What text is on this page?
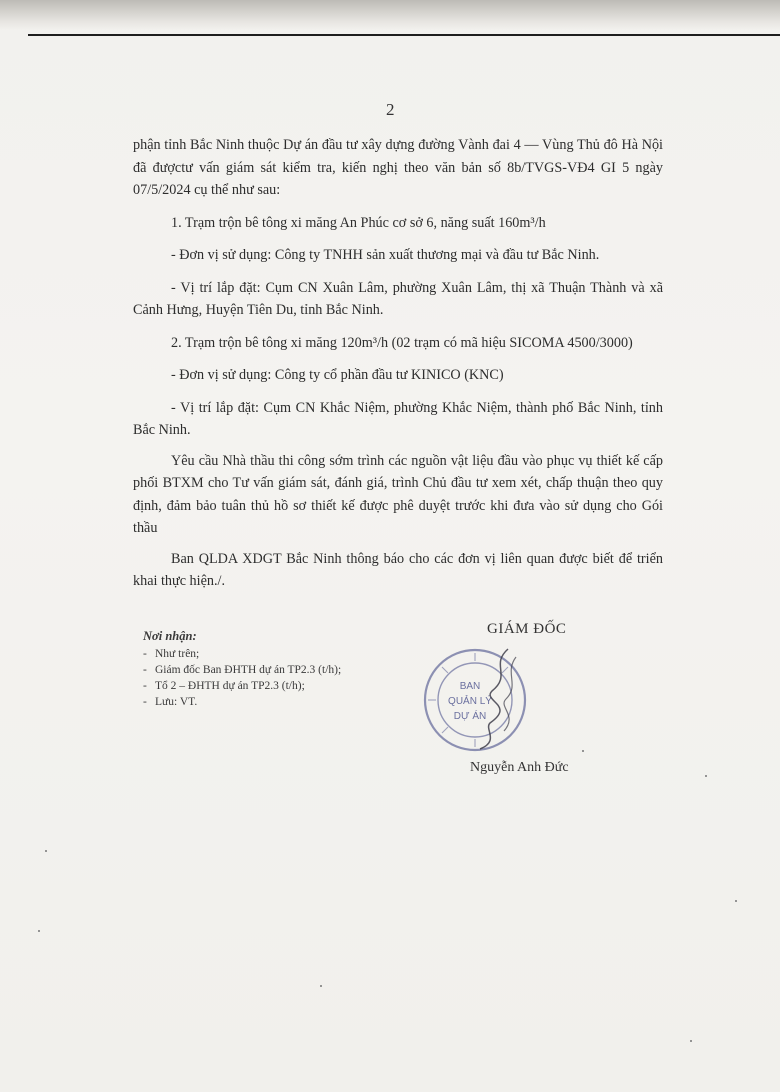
2

phận tỉnh Bắc Ninh thuộc Dự án đầu tư xây dựng đường Vành đai 4 — Vùng Thủ đô Hà Nội đã đượctư vấn giám sát kiểm tra, kiến nghị theo văn bản số 8b/TVGS-VĐ4 GI 5 ngày 07/5/2024 cụ thể như sau:

1. Trạm trộn bê tông xi măng An Phúc cơ sở 6, năng suất 160m³/h

- Đơn vị sử dụng: Công ty TNHH sản xuất thương mại và đầu tư Bắc Ninh.

- Vị trí lắp đặt: Cụm CN Xuân Lâm, phường Xuân Lâm, thị xã Thuận Thành và xã Cảnh Hưng, Huyện Tiên Du, tỉnh Bắc Ninh.

2. Trạm trộn bê tông xi măng 120m³/h (02 trạm có mã hiệu SICOMA 4500/3000)

- Đơn vị sử dụng: Công ty cổ phần đầu tư KINICO (KNC)

- Vị trí lắp đặt: Cụm CN Khắc Niệm, phường Khắc Niệm, thành phố Bắc Ninh, tỉnh Bắc Ninh.

Yêu cầu Nhà thầu thi công sớm trình các nguồn vật liệu đầu vào phục vụ thiết kế cấp phối BTXM cho Tư vấn giám sát, đánh giá, trình Chủ đầu tư xem xét, chấp thuận theo quy định, đảm bảo tuân thủ hồ sơ thiết kế được phê duyệt trước khi đưa vào sử dụng cho Gói thầu

Ban QLDA XDGT Bắc Ninh thông báo cho các đơn vị liên quan được biết để triển khai thực hiện./.

Nơi nhận:
- Như trên;
- Giám đốc Ban ĐHTH dự án TP2.3 (t/h);
- Tổ 2 – ĐHTH dự án TP2.3 (t/h);
- Lưu: VT.
GIÁM ĐỐC
BAN
QUẢN LÝ
DỰ ÁN
Nguyễn Anh Đức
